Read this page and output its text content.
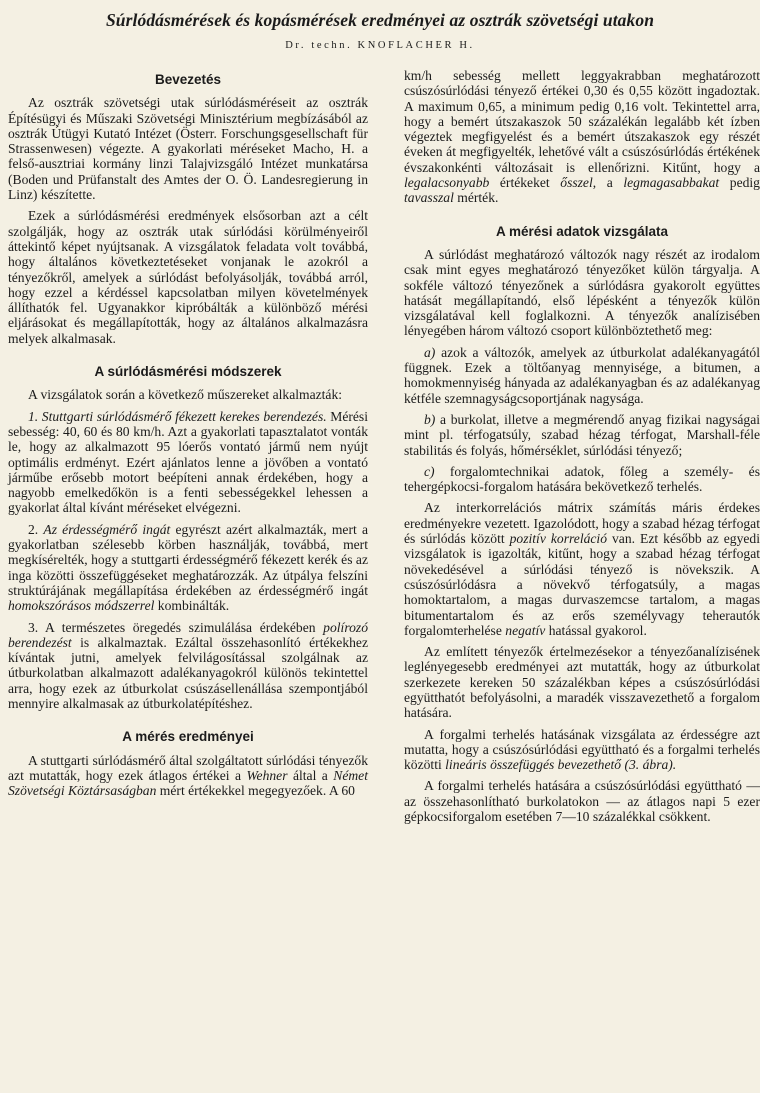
Súrlódásmérések és kopásmérések eredményei az osztrák szövetségi utakon
Dr. techn. KNOFLACHER H.
Bevezetés

Az osztrák szövetségi utak súrlódásméréseit az osztrák Építésügyi és Műszaki Szövetségi Minisztérium megbízásából az osztrák Útügyi Kutató Intézet (Österr. Forschungsgesellschaft für Strassenwesen) végezte. A gyakorlati méréseket Macho, H. a felső-ausztriai kormány linzi Talajvizsgáló Intézet munkatársa (Boden und Prüfanstalt des Amtes der O. Ö. Landesregierung in Linz) készítette.

Ezek a súrlódásmérési eredmények elsősorban azt a célt szolgálják, hogy az osztrák utak súrlódási körülményeiről áttekintő képet nyújtsanak. A vizsgálatok feladata volt továbbá, hogy általános következtetéseket vonjanak le azokról a tényezőkről, amelyek a súrlódást befolyásolják, továbbá arról, hogy ezzel a kérdéssel kapcsolatban milyen követelmények állíthatók fel. Ugyanakkor kipróbálták a különböző mérési eljárásokat és megállapították, hogy az általános alkalmazásra melyek alkalmasak.

A súrlódásmérési módszerek

A vizsgálatok során a következő műszereket alkalmazták:

1. Stuttgarti súrlódásmérő fékezett kerekes berendezés. Mérési sebesség: 40, 60 és 80 km/h. Azt a gyakorlati tapasztalatot vonták le, hogy az alkalmazott 95 lóerős vontató jármű nem nyújt optimális erdményt. Ezért ajánlatos lenne a jövőben a vontató járműbe erősebb motort beépíteni annak érdekében, hogy a nagyobb emelkedőkön is a fenti sebességekkel lehessen a gyakorlat által kívánt méréseket elvégezni.

2. Az érdességmérő ingát egyrészt azért alkalmazták, mert a gyakorlatban szélesebb körben használják, továbbá, mert megkísérelték, hogy a stuttgarti érdességmérő fékezett kerék és az inga közötti összefüggéseket meghatározzák. Az útpálya felszíni struktúrájának megállapítása érdekében az érdességmérő ingát homokszórásos módszerrel kombinálták.

3. A természetes öregedés szimulálása érdekében polírozó berendezést is alkalmaztak. Ezáltal összehasonlító értékekhez kívántak jutni, amelyek felvilágosítással szolgálnak az útburkolatban alkalmazott adalékanyagokról különös tekintettel arra, hogy ezek az útburkolat csúszásellenállása szempontjából mennyire alkalmasak az útburkolatépítéshez.

A mérés eredményei

A stuttgarti súrlódásmérő által szolgáltatott súrlódási tényezők azt mutatták, hogy ezek átlagos értékei a Wehner által a Német Szövetségi Köztársaságban mért értékekkel megegyezőek. A 60

km/h sebesség mellett leggyakrabban meghatározott csúszósúrlódási tényező értékei 0,30 és 0,55 között ingadoztak. A maximum 0,65, a minimum pedig 0,16 volt. Tekintettel arra, hogy a bemért útszakaszok 50 százalékán legalább két ízben végeztek megfigyelést és a bemért útszakaszok egy részét éveken át megfigyelték, lehetővé vált a csúszósúrlódás értékének évszakonkénti változásait is ellenőrizni. Kitűnt, hogy a legalacsonyabb értékeket ősszel, a legmagasabbakat pedig tavasszal mérték.

A mérési adatok vizsgálata

A súrlódást meghatározó változók nagy részét az irodalom csak mint egyes meghatározó tényezőket külön tárgyalja. A sokféle változó tényezőnek a súrlódásra gyakorolt együttes hatását megállapítandó, első lépésként a tényezők külön vizsgálatával kell foglalkozni. A tényezők analízisében lényegében három változó csoport különböztethető meg:

a) azok a változók, amelyek az útburkolat adalékanyagától függnek. Ezek a töltőanyag mennyisége, a bitumen, a homokmennyiség hányada az adalékanyagban és az adalékanyag kétféle szemnagyságcsoportjának nagysága.

b) a burkolat, illetve a megmérendő anyag fizikai nagyságai mint pl. térfogatsúly, szabad hézag térfogat, Marshall-féle stabilitás és folyás, hőmérséklet, súrlódási tényező;

c) forgalomtechnikai adatok, főleg a személy- és tehergépkocsi-forgalom hatására bekövetkező terhelés.

Az interkorrelációs mátrix számítás máris érdekes eredményekre vezetett. Igazolódott, hogy a szabad hézag térfogat és súrlódás között pozitív korreláció van. Ezt később az egyedi vizsgálatok is igazolták, kitűnt, hogy a szabad hézag térfogat növekedésével a súrlódási tényező is növekszik. A csúszósúrlódásra a növekvő térfogatsúly, a magas homoktartalom, a magas durvaszemcse tartalom, a magas bitumentartalom és az erős személyvagy teherautók forgalomterhelése negatív hatással gyakorol.

Az említett tényezők értelmezésekor a tényezőanalízisének leglényegesebb eredményei azt mutatták, hogy az útburkolat szerkezete kereken 50 százalékban képes a csúszósúrlódási együtthatót befolyásolni, a maradék visszavezethető a forgalom hatására.

A forgalmi terhelés hatásának vizsgálata az érdességre azt mutatta, hogy a csúszósúrlódási együttható és a forgalmi terhelés közötti lineáris összefüggés bevezethető (3. ábra).

A forgalmi terhelés hatására a csúszósúrlódási együttható — az összehasonlítható burkolatokon — az átlagos napi 5 ezer gépkocsiforgalom esetében 7—10 százalékkal csökkent.
